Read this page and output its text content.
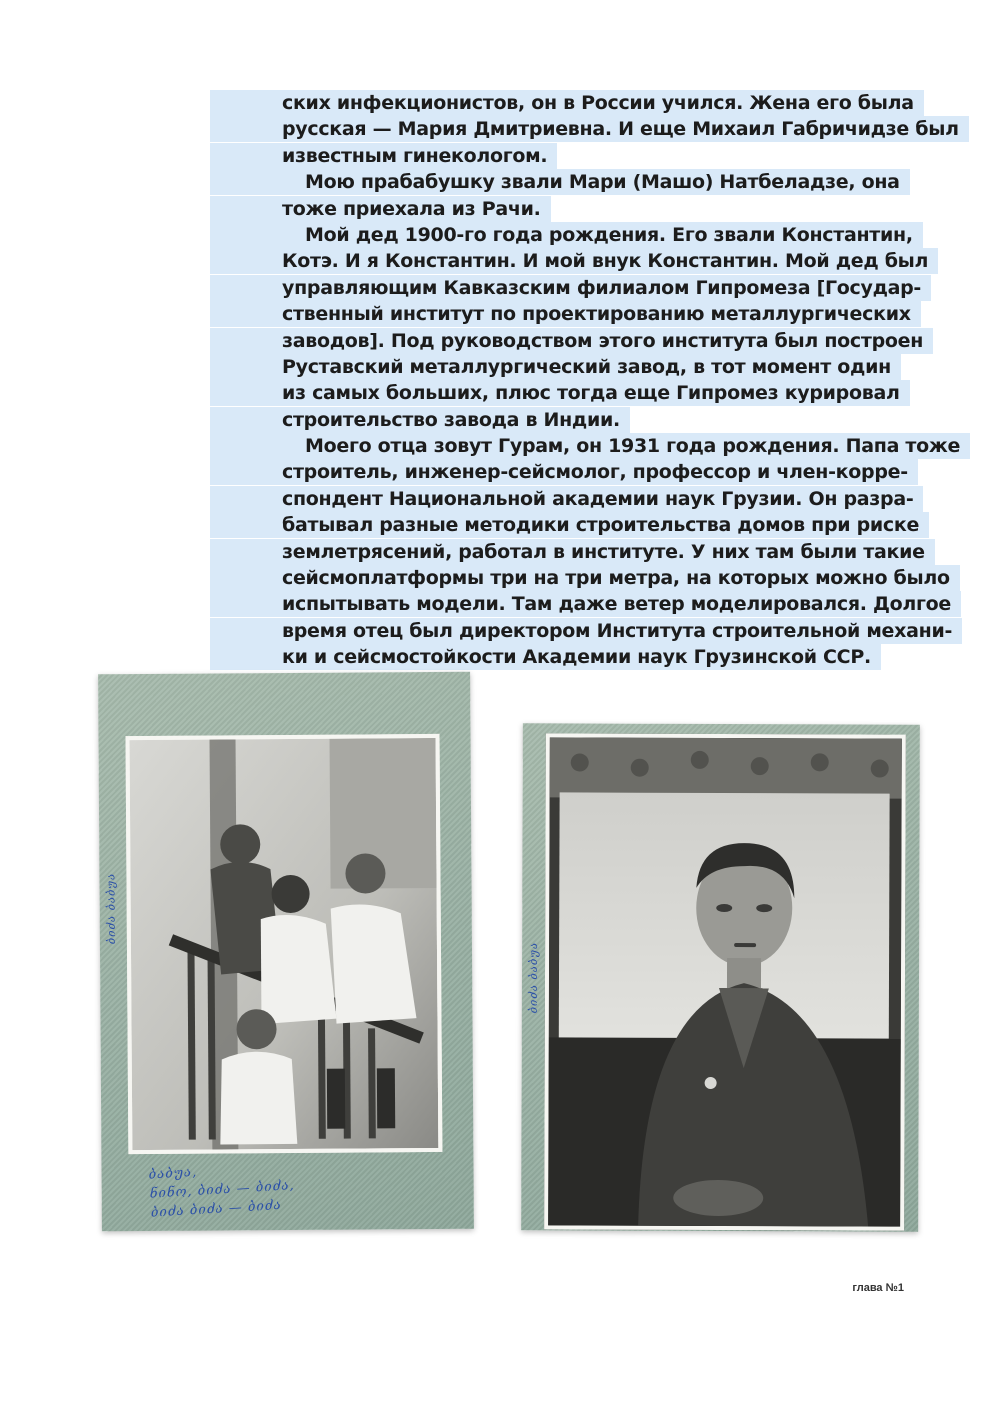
ских инфекционистов, он в России учился. Жена его была
русская — Мария Дмитриевна. И еще Михаил Габричидзе был
известным гинекологом.
Мою прабабушку звали Мари (Машо) Натбеладзе, она
тоже приехала из Рачи.
Мой дед 1900-го года рождения. Его звали Константин,
Котэ. И я Константин. И мой внук Константин. Мой дед был
управляющим Кавказским филиалом Гипромеза [Государ-
ственный институт по проектированию металлургических
заводов]. Под руководством этого института был построен
Руставский металлургический завод, в тот момент один
из самых больших, плюс тогда еще Гипромез курировал
строительство завода в Индии.
Моего отца зовут Гурам, он 1931 года рождения. Папа тоже
строитель, инженер-сейсмолог, профессор и член-корре-
спондент Национальной академии наук Грузии. Он разра-
батывал разные методики строительства домов при риске
землетрясений, работал в институте. У них там были такие
сейсмоплатформы три на три метра, на которых можно было
испытывать модели. Там даже ветер моделировался. Долгое
время отец был директором Института строительной механи-
ки и сейсмостойкости Академии наук Грузинской ССР.
ბიძა ბაბუა
ბაბუა,
ნინო, ბიძა — ბიძა,
ბიძა ბიძა — ბიძა
ბიძა ბაბუა
глава №1
